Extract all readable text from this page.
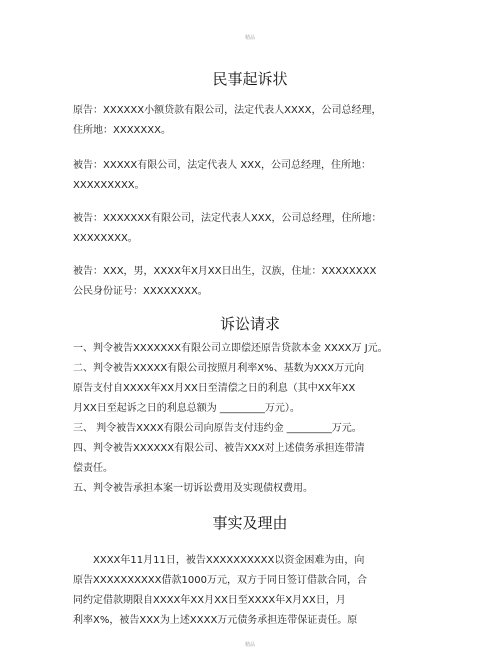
精品
民事起诉状
原告：XXXXXX小额贷款有限公司，法定代表人XXXX，公司总经理，
住所地：XXXXXXX。
被告：XXXXX有限公司，法定代表人 XXX，公司总经理，住所地：
XXXXXXXXX。
被告：XXXXXXX有限公司，法定代表人XXX，公司总经理，住所地：
XXXXXXXX。
被告：XXX，男，XXXX年X月XX日出生，汉族，住址：XXXXXXXX
公民身份证号：XXXXXXXX。
诉讼请求
一、判令被告XXXXXXX有限公司立即偿还原告贷款本金 XXXX万 J元。
二、判令被告XXXXX有限公司按照月利率X%、基数为XXX万元向
原告支付自XXXX年XX月XX日至清偿之日的利息（其中XX年XX
月XX日至起诉之日的利息总额为 _________万元）。
三、 判令被告XXXX有限公司向原告支付违约金 _________万元。
四、判令被告XXXXXX有限公司、被告XXX对上述债务承担连带清
偿责任。
五、判令被告承担本案一切诉讼费用及实现债权费用。
事实及理由
XXXX年11月11日，被告XXXXXXXXXX以资金困难为由，向
原告XXXXXXXXXX借款1000万元，双方于同日签订借款合同，合
同约定借款期限自XXXX年XX月XX日至XXXX年X月XX日，月
利率X%，被告XXX为上述XXXX万元债务承担连带保证责任。原
精品
